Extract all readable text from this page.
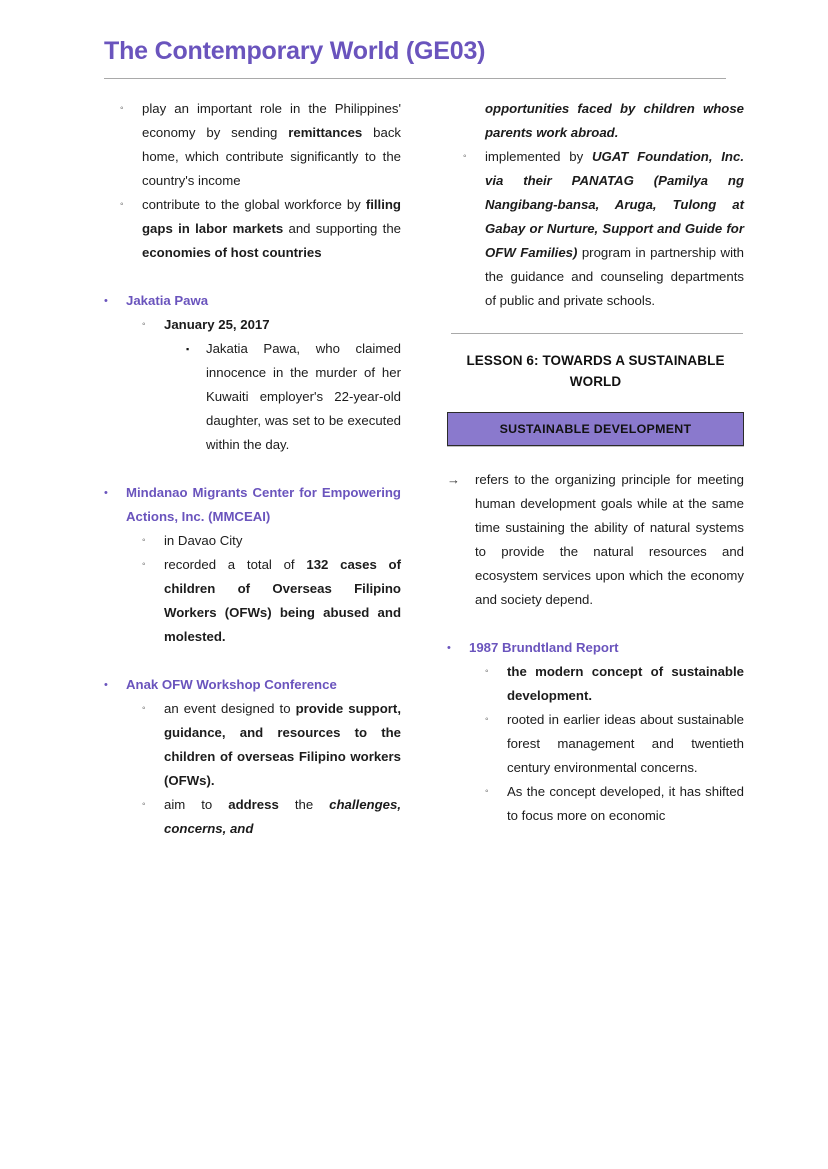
The Contemporary World (GE03)
◦
play an important role in the Philippines' economy by sending remittances back home, which contribute significantly to the country's income
◦
contribute to the global workforce by filling gaps in labor markets and supporting the economies of host countries
•
Jakatia Pawa
◦
January 25, 2017
▪
Jakatia Pawa, who claimed innocence in the murder of her Kuwaiti employer's 22-year-old daughter, was set to be executed within the day.
•
Mindanao Migrants Center for Empowering Actions, Inc. (MMCEAI)
◦
in Davao City
◦
recorded a total of 132 cases of children of Overseas Filipino Workers (OFWs) being abused and molested.
•
Anak OFW Workshop Conference
◦
an event designed to provide support, guidance, and resources to the children of overseas Filipino workers (OFWs).
◦
aim to address the challenges, concerns, and
opportunities faced by children whose parents work abroad.
◦
implemented by UGAT Foundation, Inc. via their PANATAG (Pamilya ng Nangibang-bansa, Aruga, Tulong at Gabay or Nurture, Support and Guide for OFW Families) program in partnership with the guidance and counseling departments of public and private schools.
LESSON 6: TOWARDS A SUSTAINABLE WORLD
SUSTAINABLE DEVELOPMENT
→
refers to the organizing principle for meeting human development goals while at the same time sustaining the ability of natural systems to provide the natural resources and ecosystem services upon which the economy and society depend.
•
1987 Brundtland Report
◦
the modern concept of sustainable development.
◦
rooted in earlier ideas about sustainable forest management and twentieth century environmental concerns.
◦
As the concept developed, it has shifted to focus more on economic
